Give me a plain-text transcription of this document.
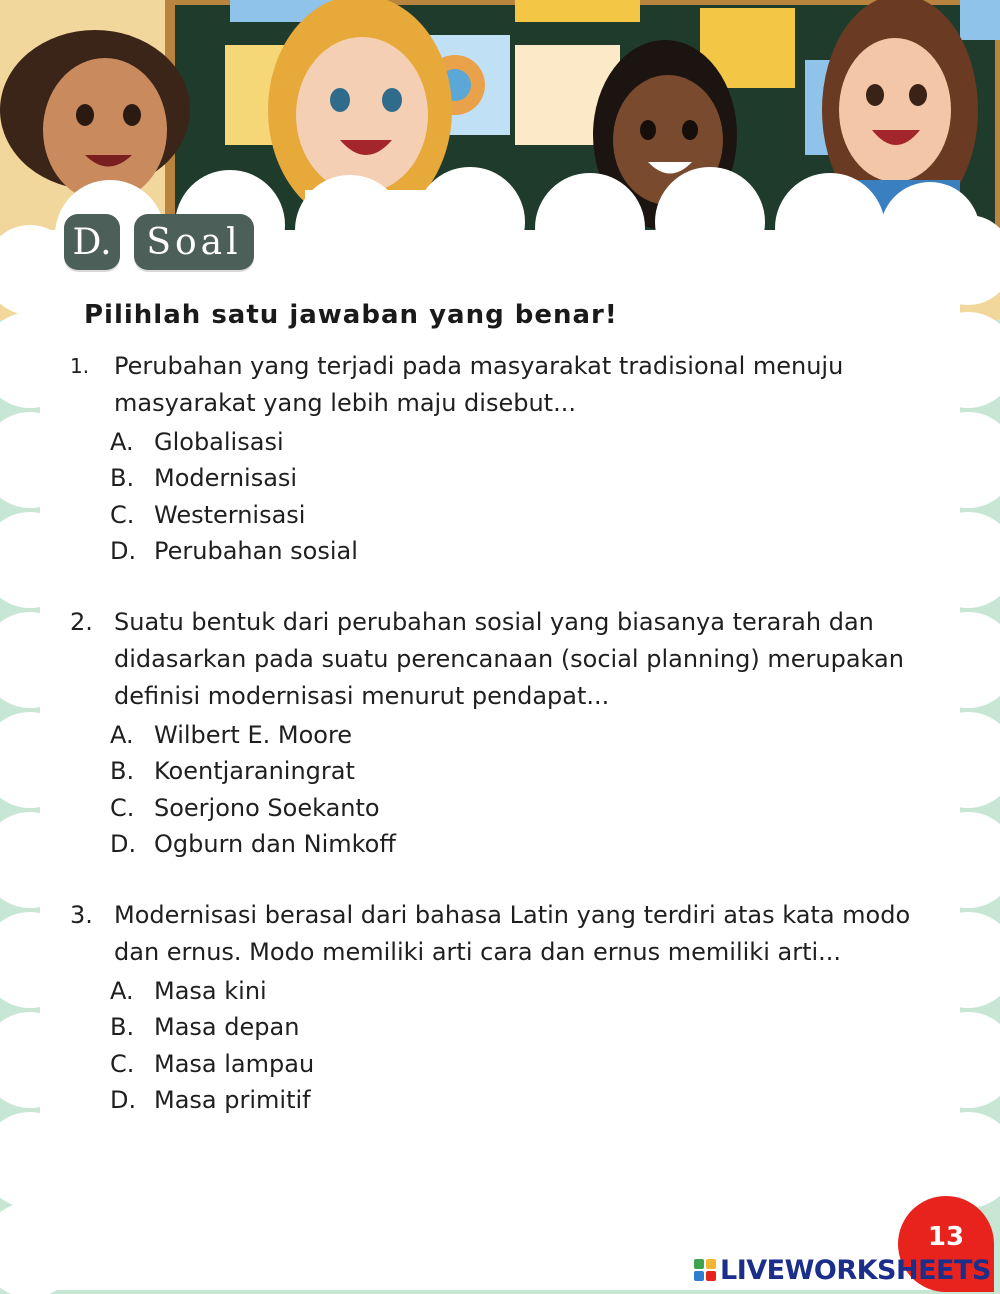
D. Soal
Pilihlah satu jawaban yang benar!
1.	Perubahan yang terjadi pada masyarakat tradisional menuju masyarakat yang lebih maju disebut...
A. Globalisasi
B. Modernisasi
C. Westernisasi
D. Perubahan sosial
2. Suatu bentuk dari perubahan sosial yang biasanya terarah dan didasarkan pada suatu perencanaan (social planning) merupakan definisi modernisasi menurut pendapat...
A. Wilbert E. Moore
B. Koentjaraningrat
C. Soerjono Soekanto
D. Ogburn dan Nimkoff
3. Modernisasi berasal dari bahasa Latin yang terdiri atas kata modo dan ernus. Modo memiliki arti cara dan ernus memiliki arti...
A. Masa kini
B. Masa depan
C. Masa lampau
D. Masa primitif
13
LIVEWORKSHEETS
